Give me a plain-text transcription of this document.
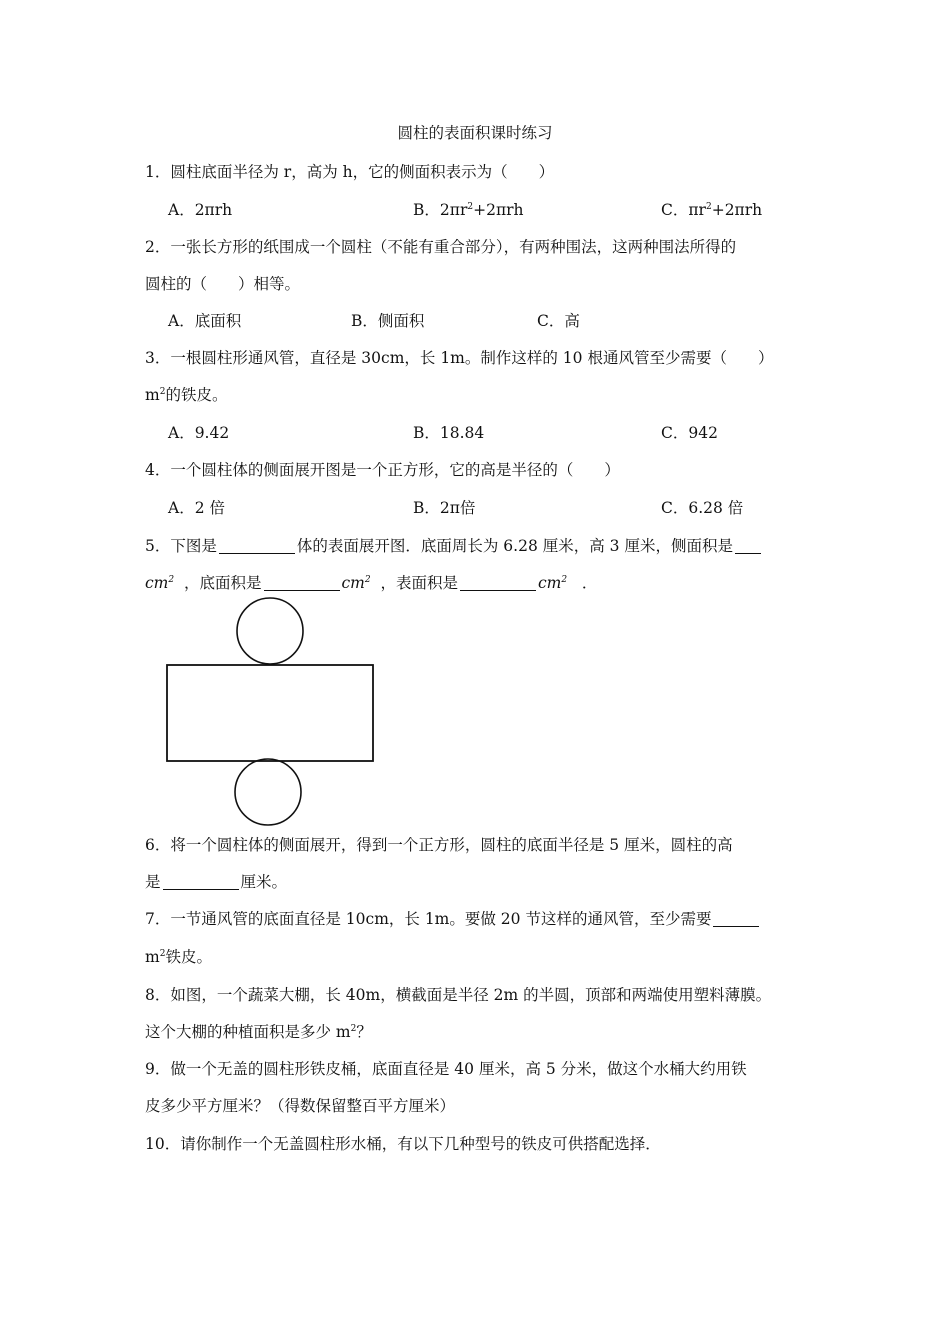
圆柱的表面积课时练习
1．圆柱底面半径为 r，高为 h，它的侧面积表示为（　　）
A．2πrh	B．$2\pi r^2+2\pi rh$	C．$\pi r^2+2\pi rh$
2．一张长方形的纸围成一个圆柱（不能有重合部分），有两种围法，这两种围法所得的
圆柱的（　　）相等。
A．底面积	B．侧面积	C．高
3．一根圆柱形通风管，直径是 30cm，长 1m。制作这样的 10 根通风管至少需要（　　）
$m^2$的铁皮。
A．9.42	B．18.84	C．942
4．一个圆柱体的侧面展开图是一个正方形，它的高是半径的（　　）
A．2 倍	B．2π倍	C．6.28 倍
5．下图是	体的表面展开图．底面周长为 6.28 厘米，高 3 厘米，侧面积是
$cm^2$ ，底面积是	$cm^2$ ，表面积是	$cm^2$ ．
6．将一个圆柱体的侧面展开，得到一个正方形，圆柱的底面半径是 5 厘米，圆柱的高
是	厘米。
7．一节通风管的底面直径是 10cm，长 1m。要做 20 节这样的通风管，至少需要
$m^2$铁皮。
8．如图，一个蔬菜大棚，长 40m，横截面是半径 2m 的半圆，顶部和两端使用塑料薄膜。
这个大棚的种植面积是多少 $m^2$？
9．做一个无盖的圆柱形铁皮桶，底面直径是 40 厘米，高 5 分米，做这个水桶大约用铁
皮多少平方厘米？（得数保留整百平方厘米）
10．请你制作一个无盖圆柱形水桶，有以下几种型号的铁皮可供搭配选择．
